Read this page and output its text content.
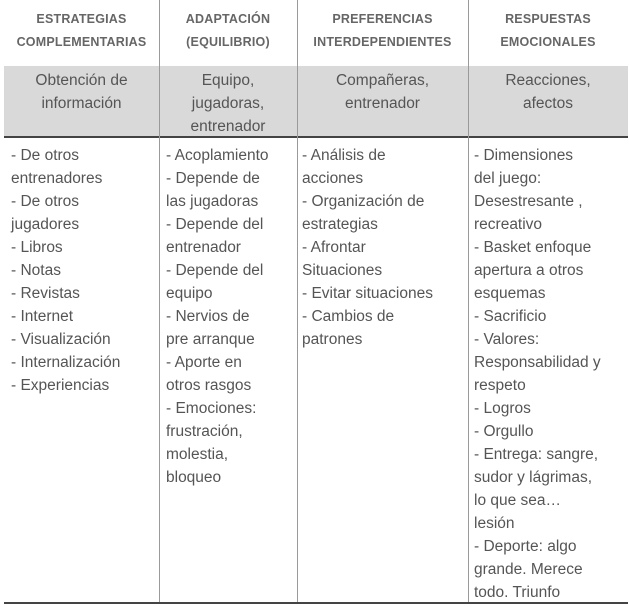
ESTRATEGIAS
COMPLEMENTARIAS
ADAPTACIÓN
(EQUILIBRIO)
PREFERENCIAS
INTERDEPENDIENTES
RESPUESTAS
EMOCIONALES
Obtención de
información
Equipo,
jugadoras,
entrenador
Compañeras,
entrenador
Reacciones,
afectos
- De otros
entrenadores
- De otros
jugadores
- Libros
- Notas
- Revistas
- Internet
- Visualización
- Internalización
- Experiencias
- Acoplamiento
- Depende de
las jugadoras
- Depende del
entrenador
- Depende del
equipo
- Nervios de
pre arranque
- Aporte en
otros rasgos
- Emociones:
frustración,
molestia,
bloqueo
- Análisis de
acciones
- Organización de
estrategias
- Afrontar
Situaciones
- Evitar situaciones
- Cambios de
patrones
- Dimensiones
del juego:
Desestresante ,
recreativo
- Basket enfoque
apertura a otros
esquemas
- Sacrificio
- Valores:
Responsabilidad y
respeto
- Logros
- Orgullo
- Entrega: sangre,
sudor y lágrimas,
lo que sea…
lesión
- Deporte: algo
grande. Merece
todo. Triunfo
